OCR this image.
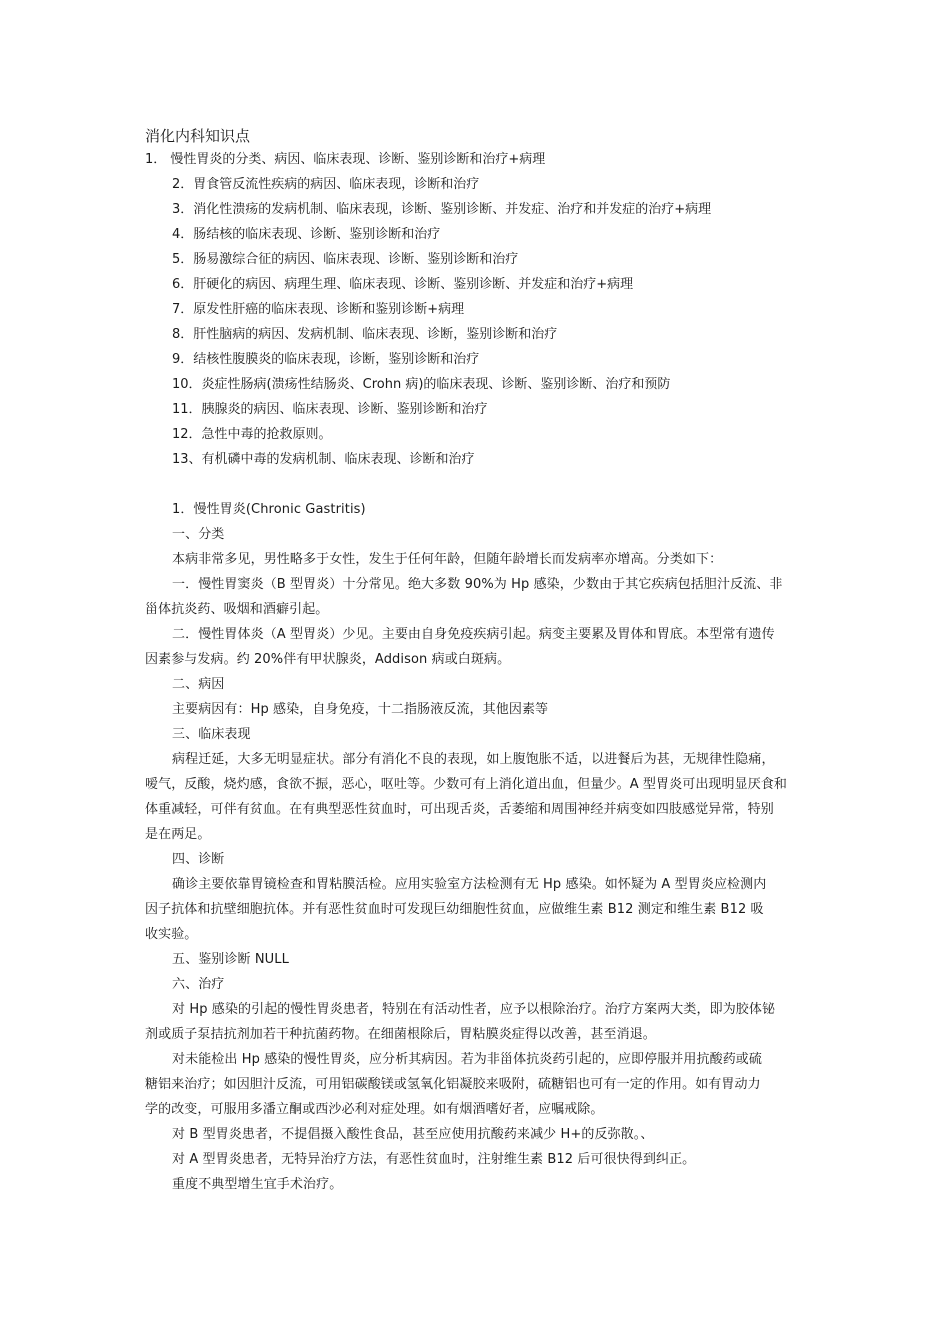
消化内科知识点
1． 慢性胃炎的分类、病因、临床表现、诊断、鉴别诊断和治疗+病理
2．胃食管反流性疾病的病因、临床表现，诊断和治疗
3．消化性溃疡的发病机制、临床表现，诊断、鉴别诊断、并发症、治疗和并发症的治疗+病理
4．肠结核的临床表现、诊断、鉴别诊断和治疗
5．肠易激综合征的病因、临床表现、诊断、鉴别诊断和治疗
6．肝硬化的病因、病理生理、临床表现、诊断、鉴别诊断、并发症和治疗+病理
7．原发性肝癌的临床表现、诊断和鉴别诊断+病理
8．肝性脑病的病因、发病机制、临床表现、诊断，鉴别诊断和治疗
9．结核性腹膜炎的临床表现，诊断，鉴别诊断和治疗
10．炎症性肠病(溃疡性结肠炎、Crohn 病)的临床表现、诊断、鉴别诊断、治疗和预防
11．胰腺炎的病因、临床表现、诊断、鉴别诊断和治疗
12．急性中毒的抢救原则。
13、有机磷中毒的发病机制、临床表现、诊断和治疗
1．慢性胃炎(Chronic Gastritis)
一、分类
本病非常多见，男性略多于女性，发生于任何年龄，但随年龄增长而发病率亦增高。分类如下：
一．慢性胃窦炎（B 型胃炎）十分常见。绝大多数 90%为 Hp 感染，少数由于其它疾病包括胆汁反流、非
甾体抗炎药、吸烟和酒癖引起。
二．慢性胃体炎（A 型胃炎）少见。主要由自身免疫疾病引起。病变主要累及胃体和胃底。本型常有遗传
因素参与发病。约 20%伴有甲状腺炎，Addison 病或白斑病。
二、病因
主要病因有：Hp 感染，自身免疫，十二指肠液反流，其他因素等
三、临床表现
病程迁延，大多无明显症状。部分有消化不良的表现，如上腹饱胀不适，以进餐后为甚，无规律性隐痛，
嗳气，反酸，烧灼感，食欲不振，恶心，呕吐等。少数可有上消化道出血，但量少。A 型胃炎可出现明显厌食和
体重减轻，可伴有贫血。在有典型恶性贫血时，可出现舌炎，舌萎缩和周围神经并病变如四肢感觉异常，特别
是在两足。
四、诊断
确诊主要依靠胃镜检查和胃粘膜活检。应用实验室方法检测有无 Hp 感染。如怀疑为 A 型胃炎应检测内
因子抗体和抗壁细胞抗体。并有恶性贫血时可发现巨幼细胞性贫血，应做维生素 B12 测定和维生素 B12 吸
收实验。
五、鉴别诊断 NULL
六、治疗
对 Hp 感染的引起的慢性胃炎患者，特别在有活动性者，应予以根除治疗。治疗方案两大类，即为胶体铋
剂或质子泵拮抗剂加若干种抗菌药物。在细菌根除后，胃粘膜炎症得以改善，甚至消退。
对未能检出 Hp 感染的慢性胃炎，应分析其病因。若为非甾体抗炎药引起的，应即停服并用抗酸药或硫
糖铝来治疗；如因胆汁反流，可用铝碳酸镁或氢氧化铝凝胶来吸附，硫糖铝也可有一定的作用。如有胃动力
学的改变，可服用多潘立酮或西沙必利对症处理。如有烟酒嗜好者，应嘱戒除。
对 B 型胃炎患者，不提倡摄入酸性食品，甚至应使用抗酸药来减少 H+的反弥散。、
对 A 型胃炎患者，无特异治疗方法，有恶性贫血时，注射维生素 B12 后可很快得到纠正。
重度不典型增生宜手术治疗。
